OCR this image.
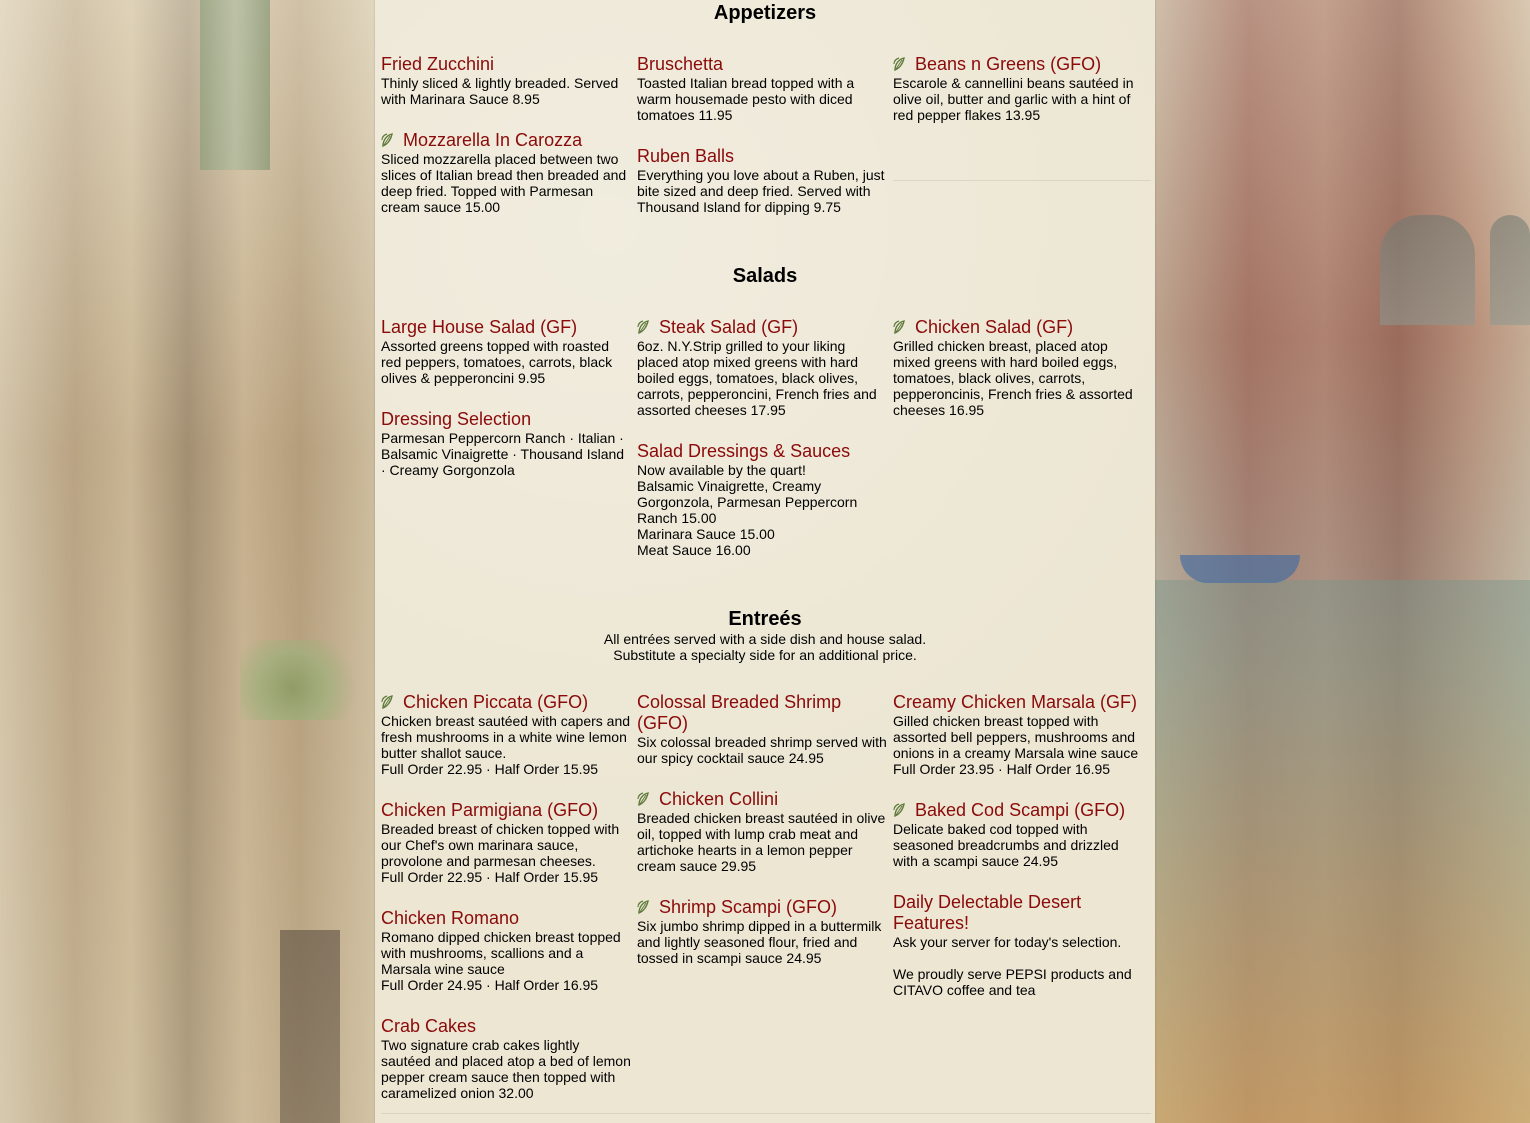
Appetizers
Fried Zucchini
Thinly sliced & lightly breaded. Served with Marinara Sauce 8.95
Mozzarella In Carozza
Sliced mozzarella placed between two slices of Italian bread then breaded and deep fried. Topped with Parmesan cream sauce 15.00
Bruschetta
Toasted Italian bread topped with a warm housemade pesto with diced tomatoes 11.95
Ruben Balls
Everything you love about a Ruben, just bite sized and deep fried. Served with Thousand Island for dipping 9.75
Beans n Greens (GFO)
Escarole & cannellini beans sautéed in olive oil, butter and garlic with a hint of red pepper flakes 13.95
Salads
Large House Salad (GF)
Assorted greens topped with roasted red peppers, tomatoes, carrots, black olives & pepperoncini 9.95
Dressing Selection
Parmesan Peppercorn Ranch · Italian · Balsamic Vinaigrette · Thousand Island · Creamy Gorgonzola
Steak Salad (GF)
6oz. N.Y.Strip grilled to your liking placed atop mixed greens with hard boiled eggs, tomatoes, black olives, carrots, pepperoncini, French fries and assorted cheeses 17.95
Salad Dressings & Sauces
Now available by the quart!
Balsamic Vinaigrette, Creamy Gorgonzola, Parmesan Peppercorn Ranch 15.00
Marinara Sauce 15.00
Meat Sauce 16.00
Chicken Salad (GF)
Grilled chicken breast, placed atop mixed greens with hard boiled eggs, tomatoes, black olives, carrots, pepperoncinis, French fries & assorted cheeses 16.95
Entreés
All entrées served with a side dish and house salad.
Substitute a specialty side for an additional price.
Chicken Piccata (GFO)
Chicken breast sautéed with capers and fresh mushrooms in a white wine lemon butter shallot sauce.
Full Order 22.95 · Half Order 15.95
Chicken Parmigiana (GFO)
Breaded breast of chicken topped with our Chef's own marinara sauce, provolone and parmesan cheeses.
Full Order 22.95 · Half Order 15.95
Chicken Romano
Romano dipped chicken breast topped with mushrooms, scallions and a Marsala wine sauce
Full Order 24.95 · Half Order 16.95
Crab Cakes
Two signature crab cakes lightly sautéed and placed atop a bed of lemon pepper cream sauce then topped with caramelized onion 32.00
Colossal Breaded Shrimp (GFO)
Six colossal breaded shrimp served with our spicy cocktail sauce 24.95
Chicken Collini
Breaded chicken breast sautéed in olive oil, topped with lump crab meat and artichoke hearts in a lemon pepper cream sauce 29.95
Shrimp Scampi (GFO)
Six jumbo shrimp dipped in a buttermilk and lightly seasoned flour, fried and tossed in scampi sauce 24.95
Creamy Chicken Marsala (GF)
Gilled chicken breast topped with assorted bell peppers, mushrooms and onions in a creamy Marsala wine sauce
Full Order 23.95 · Half Order 16.95
Baked Cod Scampi (GFO)
Delicate baked cod topped with seasoned breadcrumbs and drizzled with a scampi sauce 24.95
Daily Delectable Desert Features!
Ask your server for today's selection.
We proudly serve PEPSI products and CITAVO coffee and tea
